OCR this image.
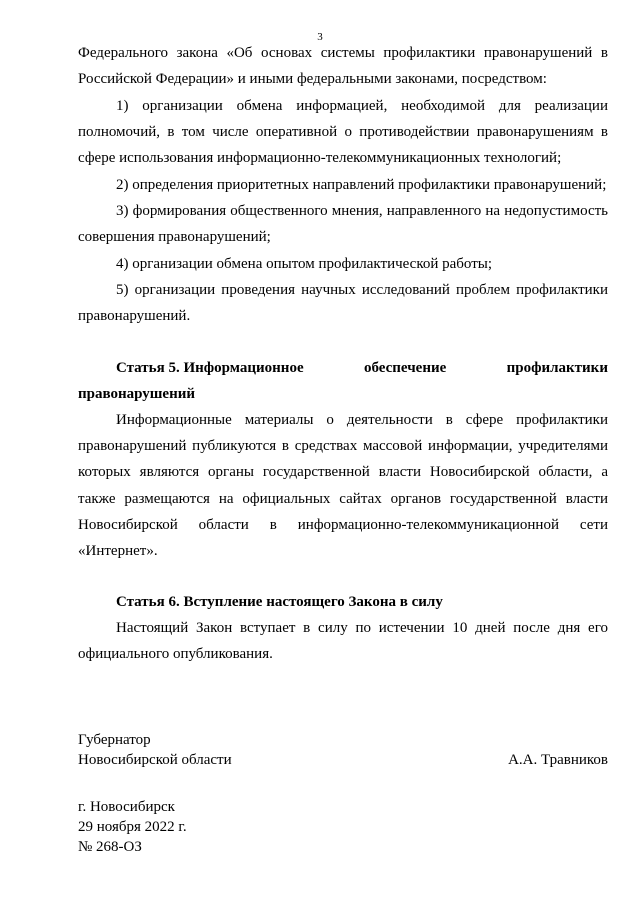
3

Федерального закона «Об основах системы профилактики правонарушений в Российской Федерации» и иными федеральными законами, посредством:

1) организации обмена информацией, необходимой для реализации полномочий, в том числе оперативной о противодействии правонарушениям в сфере использования информационно-телекоммуникационных технологий;

2) определения приоритетных направлений профилактики правонарушений;

3) формирования общественного мнения, направленного на недопустимость совершения правонарушений;

4) организации обмена опытом профилактической работы;

5) организации проведения научных исследований проблем профилактики правонарушений.

Статья 5. Информационное	обеспечение	профилактики
правонарушений

Информационные материалы о деятельности в сфере профилактики правонарушений публикуются в средствах массовой информации, учредителями которых являются органы государственной власти Новосибирской области, а также размещаются на официальных сайтах органов государственной власти Новосибирской области в информационно-телекоммуникационной сети «Интернет».

Статья 6. Вступление настоящего Закона в силу

Настоящий Закон вступает в силу по истечении 10 дней после дня его официального опубликования.

Губернатор
Новосибирской области	А.А. Травников
г. Новосибирск
29 ноября 2022 г.
№ 268-ОЗ
